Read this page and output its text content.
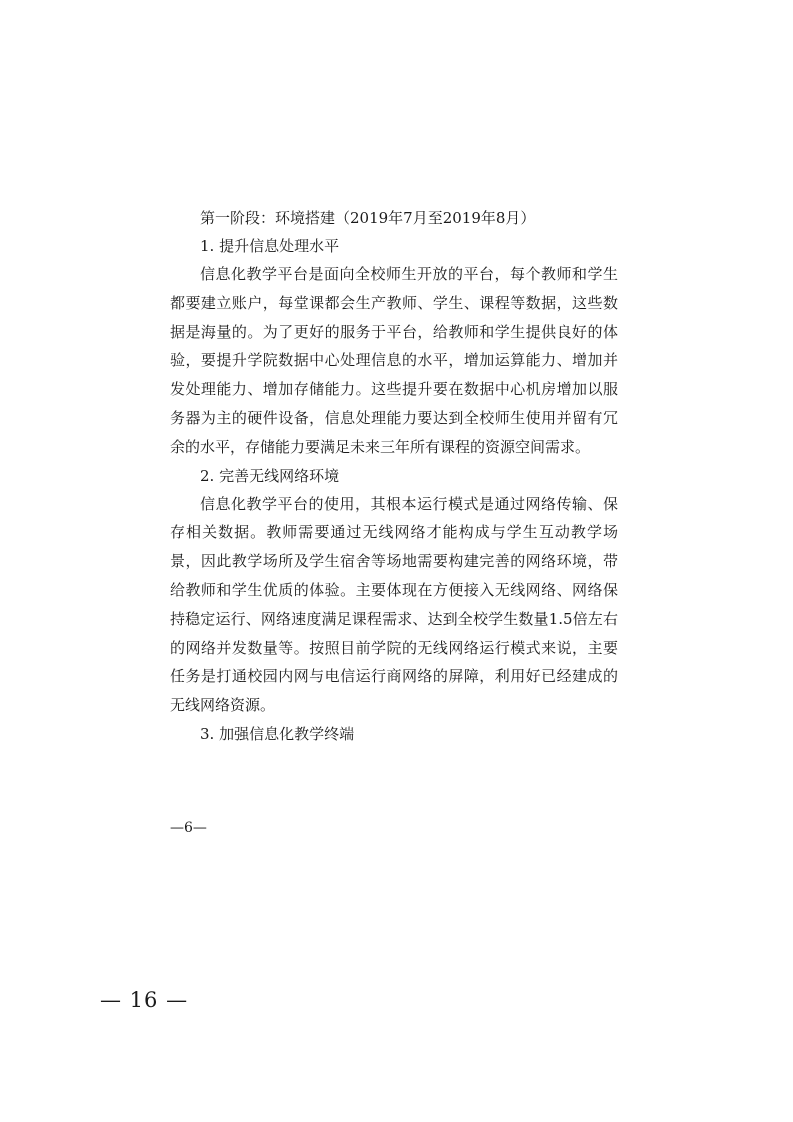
第一阶段：环境搭建（2019年7月至2019年8月）
1. 提升信息处理水平

信息化教学平台是面向全校师生开放的平台，每个教师和学生都要建立账户，每堂课都会生产教师、学生、课程等数据，这些数据是海量的。为了更好的服务于平台，给教师和学生提供良好的体验，要提升学院数据中心处理信息的水平，增加运算能力、增加并发处理能力、增加存储能力。这些提升要在数据中心机房增加以服务器为主的硬件设备，信息处理能力要达到全校师生使用并留有冗余的水平，存储能力要满足未来三年所有课程的资源空间需求。

2. 完善无线网络环境

信息化教学平台的使用，其根本运行模式是通过网络传输、保存相关数据。教师需要通过无线网络才能构成与学生互动教学场景，因此教学场所及学生宿舍等场地需要构建完善的网络环境，带给教师和学生优质的体验。主要体现在方便接入无线网络、网络保持稳定运行、网络速度满足课程需求、达到全校学生数量1.5倍左右的网络并发数量等。按照目前学院的无线网络运行模式来说，主要任务是打通校园内网与电信运行商网络的屏障，利用好已经建成的无线网络资源。

3. 加强信息化教学终端
—6—
— 16 —
